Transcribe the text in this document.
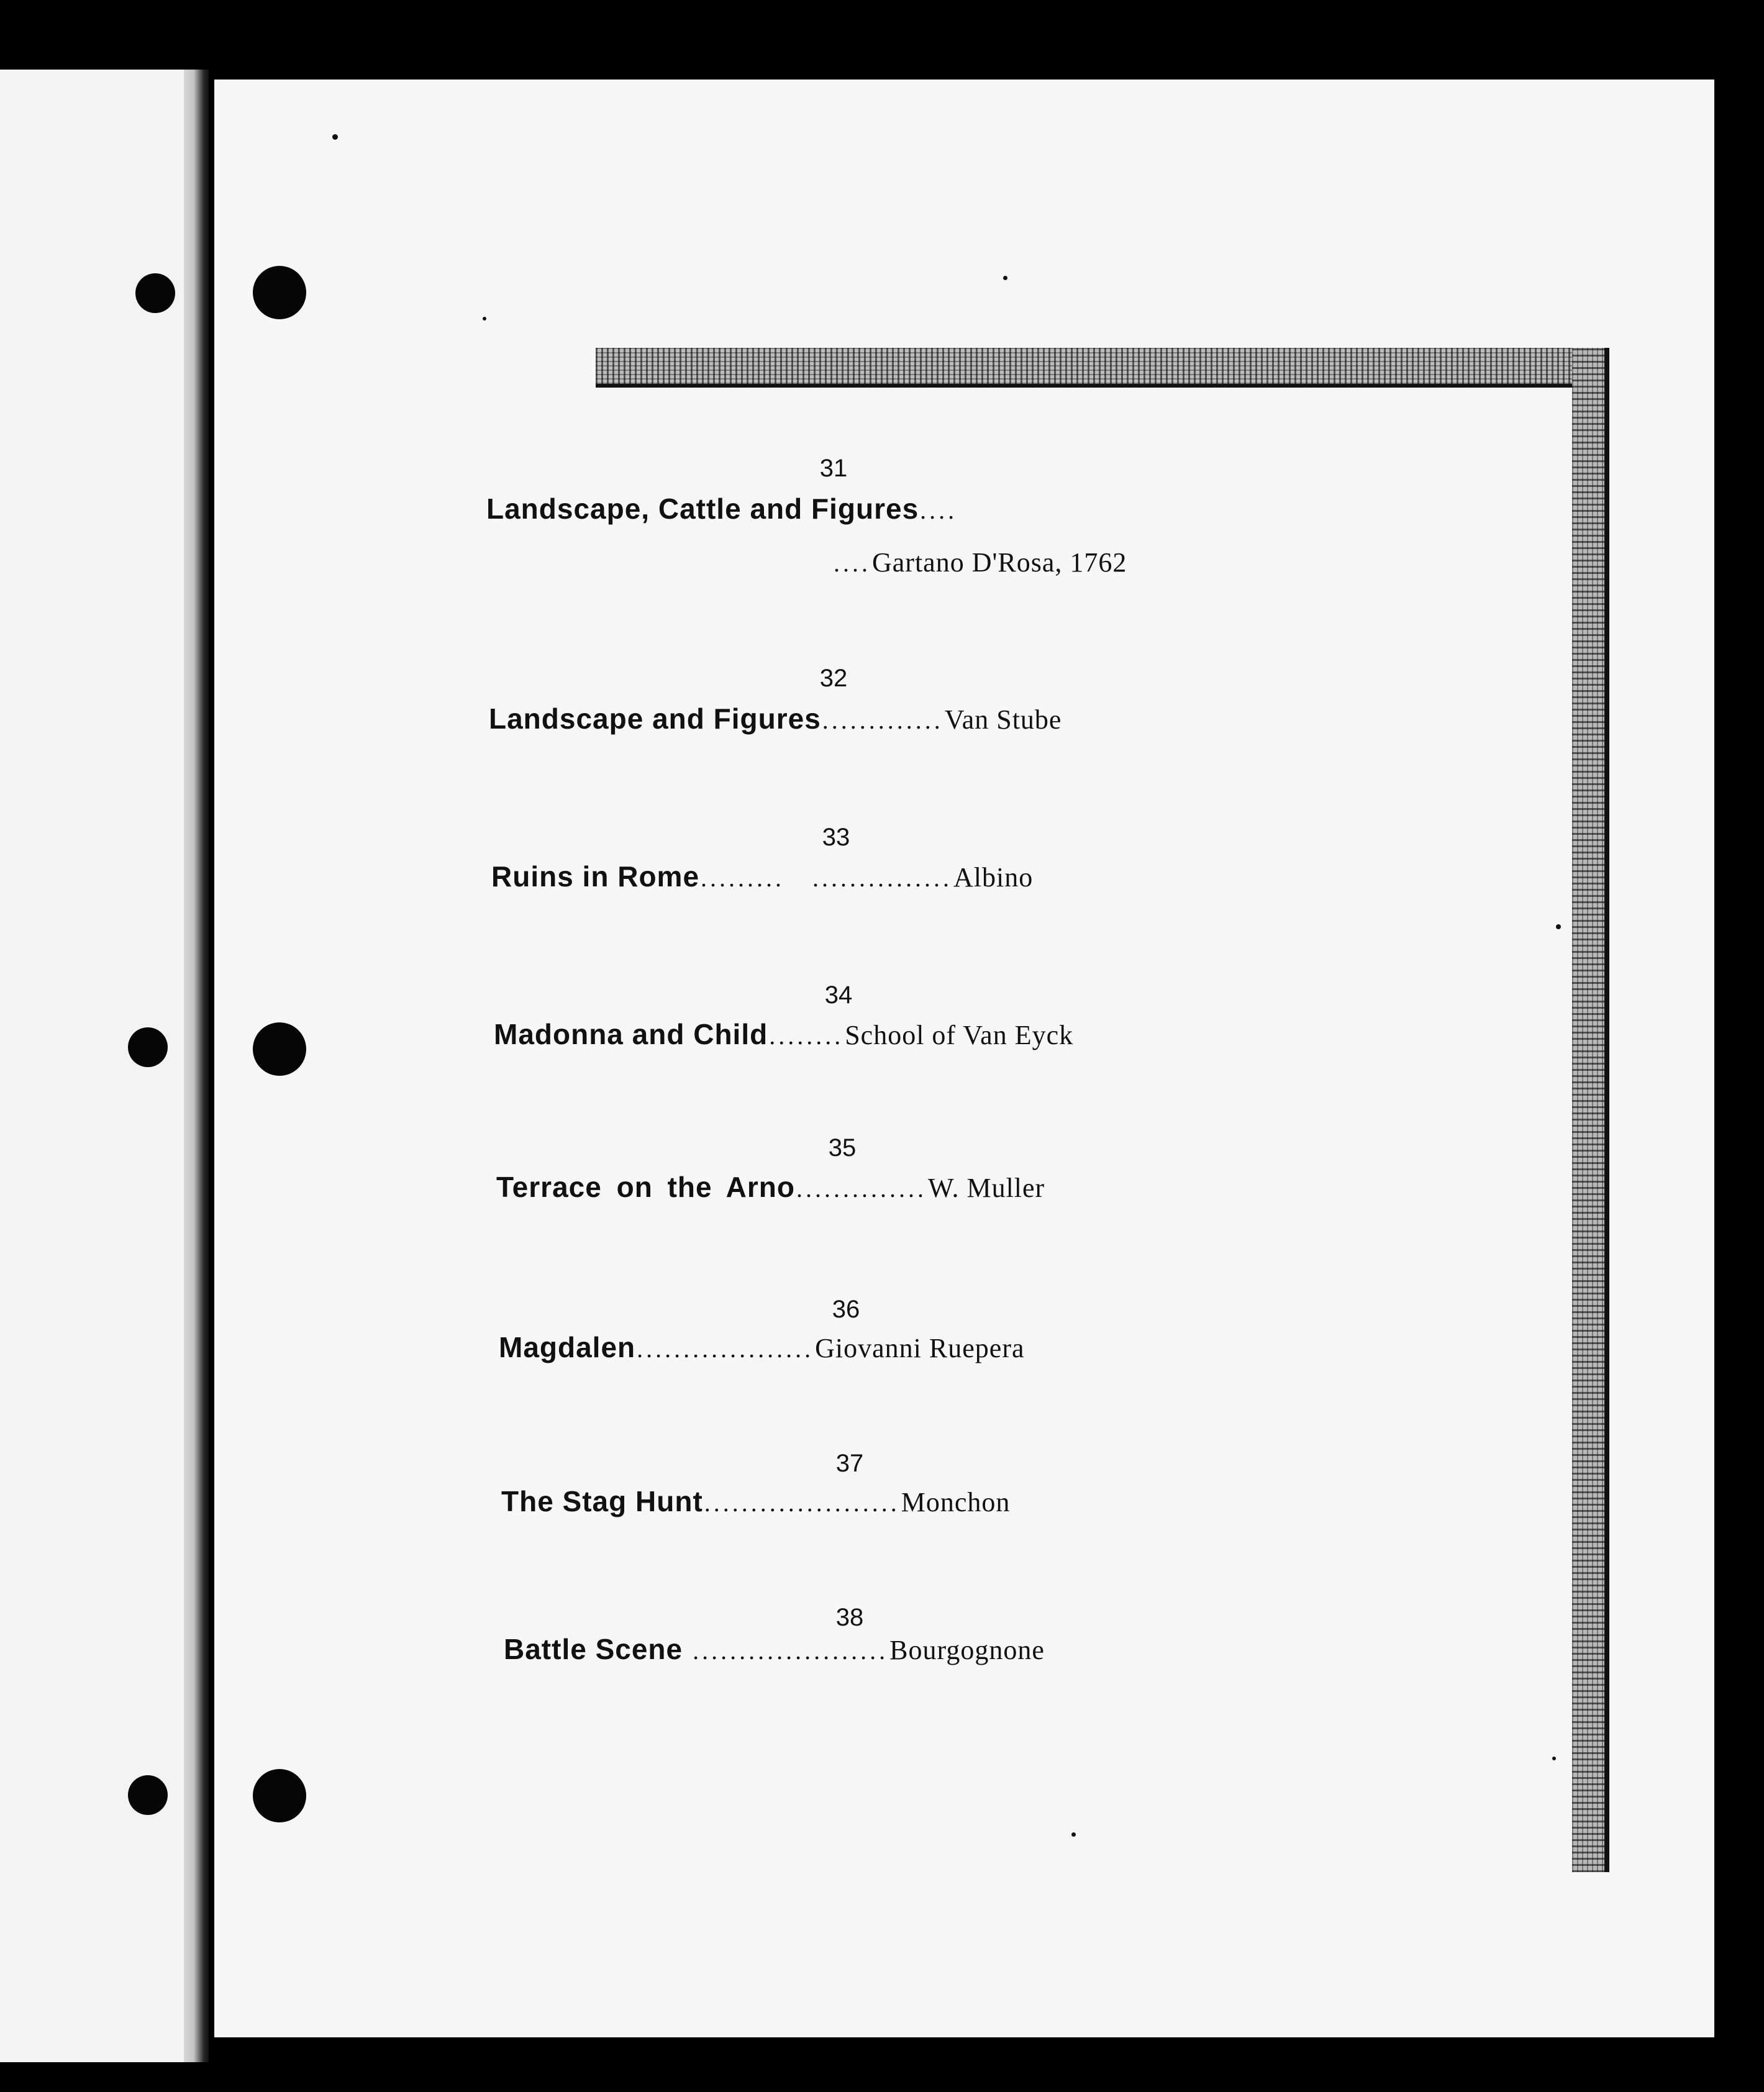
31
Landscape, Cattle and Figures ....
.... Gartano D'Rosa, 1762
32
Landscape and Figures ............. Van Stube
33
Ruins in Rome .........   ............... Albino
34
Madonna and Child ........ School of Van Eyck
35
Terrace on the Arno .............. W. Muller
36
Magdalen ................... Giovanni Ruepera
37
The Stag Hunt ..................... Monchon
38
Battle Scene ..................... Bourgognone
